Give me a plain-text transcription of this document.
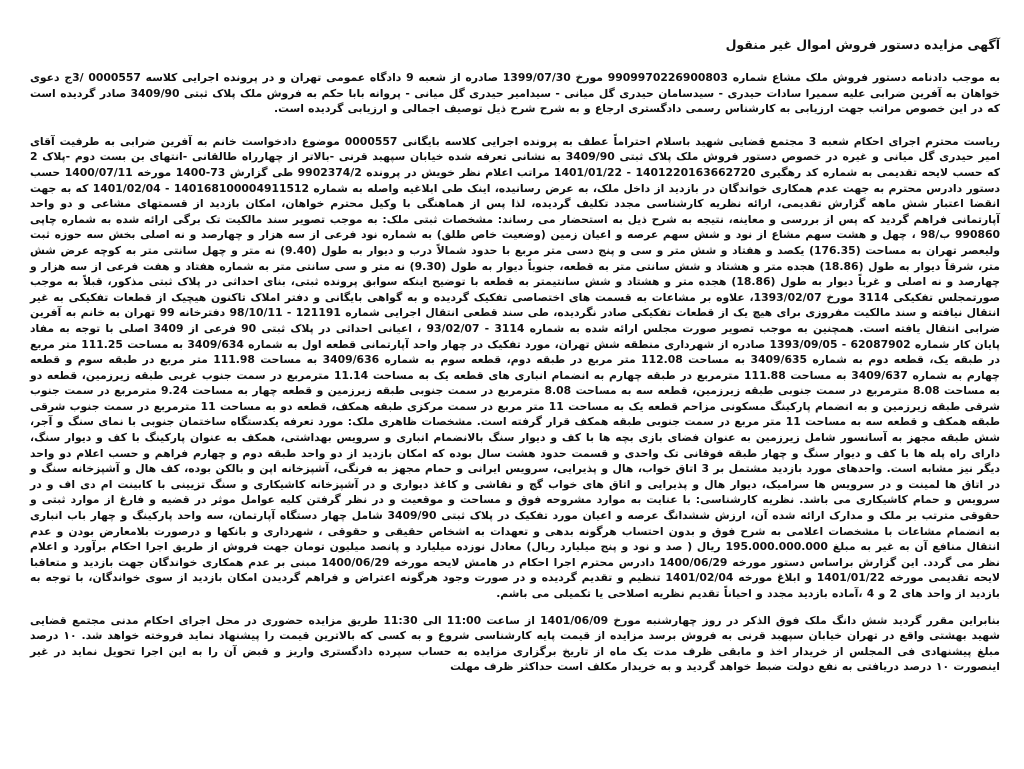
آگهی مزایده دستور فروش اموال غیر منقول

به موجب دادنامه دستور فروش ملک مشاع شماره 9909970226900803 مورخ 1399/07/30 صادره از شعبه 9 دادگاه عمومی تهران و در پرونده اجرایی کلاسه 0000557 /3ج دعوی خواهان به آفرین ضرابی علیه سمیرا سادات حیدری - سیدسامان حیدری گل میانی - سیدامیر حیدری گل میانی - پروانه بابا حکم به فروش ملک پلاک ثبتی 3409/90 صادر گردیده است که در این خصوص مراتب جهت ارزیابی به کارشناس رسمی دادگستری ارجاع و به شرح شرح ذیل توصیف اجمالی و ارزیابی گردیده است.

ریاست محترم اجرای احکام شعبه 3 مجتمع قضایی شهید باسلام احتراماً عطف به پرونده اجرایی کلاسه بایگانی 0000557 موضوع دادخواست خانم به آفرین ضرابی به طرفیت آقای امیر حیدری گل میانی و غیره در خصوص دستور فروش ملک پلاک ثبتی 3409/90 به نشانی تعرفه شده خیابان سپهبد قرنی -بالاتر از چهارراه طالقانی -انتهای بن بست دوم -پلاک 2 که حسب لایحه تقدیمی به شماره کد رهگیری 1401220163662720 - 1401/01/22 مراتب اعلام نظر خویش در پرونده 9902374/2 طی گزارش 73-1400 مورخه 1400/07/11 حسب دستور دادرس محترم به جهت عدم همکاری خواندگان در بازدید از داخل ملک، به عرض رسانیده، اینک طی ابلاغیه واصله به شماره 140168100004911512 - 1401/02/04 که به جهت انقضا اعتبار شش ماهه گزارش تقدیمی، ارائه نظریه کارشناسی مجدد تکلیف گردیده، لذا پس از هماهنگی با وکیل محترم خواهان، امکان بازدید از قسمتهای مشاعی و دو واحد آپارتمانی فراهم گردید که پس از بررسی و معاینه، نتیجه به شرح ذیل به استحضار می رساند: مشخصات ثبتی ملک: به موجب تصویر سند مالکیت تک برگی ارائه شده به شماره چاپی 990860 ب/98 ، چهل و هشت سهم مشاع از نود و شش سهم عرصه و اعیان زمین (وضعیت خاص طلق) به شماره نود فرعی از سه هزار و چهارصد و نه اصلی بخش سه حوزه ثبت ولیعصر تهران به مساحت (176.35) یکصد و هفتاد و شش متر و سی و پنج دسی متر مربع با حدود شمالاً درب و دیوار به طول (9.40) نه متر و چهل سانتی متر به کوچه عرض شش متر، شرقاً دیوار به طول (18.86) هجده متر و هشتاد و شش سانتی متر به قطعه، جنوباً دیوار به طول (9.30) نه متر و سی سانتی متر به شماره هفتاد و هفت فرعی از سه هزار و چهارصد و نه اصلی و غرباً دیوار به طول (18.86) هجده متر و هشتاد و شش سانتیمتر به قطعه با توضیح اینکه سوابق پرونده ثبتی، بنای احداثی در پلاک ثبتی مذکور، قبلاً به موجب صورتمجلس تفکیکی 3114 مورخ 1393/02/07، علاوه بر مشاعات به قسمت های اختصاصی تفکیک گردیده و به گواهی بایگانی و دفتر املاک تاکنون هیچیک از قطعات تفکیکی به غیر انتقال نیافته و سند مالکیت مفروزی برای هیچ یک از قطعات تفکیکی صادر نگردیده، طی سند قطعی انتقال اجرایی شماره 121191 - 98/10/11 دفترخانه 99 تهران به خانم به آفرین ضرابی انتقال یافته است. همچنین به موجب تصویر صورت مجلس ارائه شده به شماره 3114 - 93/02/07 ، اعیانی احداثی در پلاک ثبتی 90 فرعی از 3409 اصلی با توجه به مفاد پایان کار شماره 62087902 - 1393/09/05 صادره از شهرداری منطقه شش تهران، مورد تفکیک در چهار واحد آپارتمانی قطعه اول به شماره 3409/634 به مساحت 111.25 متر مربع در طبقه یک، قطعه دوم به شماره 3409/635 به مساحت 112.08 متر مربع در طبقه دوم، قطعه سوم به شماره 3409/636 به مساحت 111.98 متر مربع در طبقه سوم و قطعه چهارم به شماره 3409/637 به مساحت 111.88 مترمربع در طبقه چهارم به انضمام انباری های قطعه یک به مساحت 11.14 مترمربع در سمت جنوب غربی طبقه زیرزمین، قطعه دو به مساحت 8.08 مترمربع در سمت جنوبی طبقه زیرزمین، قطعه سه به مساحت 8.08 مترمربع در سمت جنوبی طبقه زیرزمین و قطعه چهار به مساحت 9.24 مترمربع در سمت جنوب شرقی طبقه زیرزمین و به انضمام پارکینگ مسکونی مزاحم قطعه یک به مساحت 11 متر مربع در سمت مرکزی طبقه همکف، قطعه دو به مساحت 11 مترمربع در سمت جنوب شرقی طبقه همکف و قطعه سه به مساحت 11 متر مربع در سمت جنوبی طبقه همکف قرار گرفته است. مشخصات ظاهری ملک: مورد تعرفه یکدستگاه ساختمان جنوبی با نمای سنگ و آجر، شش طبقه مجهز به آسانسور شامل زیرزمین به عنوان فضای بازی بچه ها با کف و دیوار سنگ بالانضمام انباری و سرویس بهداشتی، همکف به عنوان پارکینگ با کف و دیوار سنگ، دارای راه پله ها با کف و دیوار سنگ و چهار طبقه فوقانی تک واحدی و قسمت حدود هشت سال بوده که امکان بازدید از دو واحد طبقه دوم و چهارم فراهم و حسب اعلام دو واحد دیگر نیز مشابه است. واحدهای مورد بازدید مشتمل بر 3 اتاق خواب، هال و پذیرایی، سرویس ایرانی و حمام مجهز به فرنگی، آشپزخانه اپن و بالکن بوده، کف هال و آشپزخانه سنگ و در اتاق ها لمینت و در سرویس ها سرامیک، دیوار هال و پذیرایی و اتاق های خواب گچ و نقاشی و کاغذ دیواری و در آشپزخانه کاشیکاری و سنگ تزیینی با کابینت ام دی اف و در سرویس و حمام کاشیکاری می باشد. نظریه کارشناسی: با عنایت به موارد مشروحه فوق و مساحت و موقعیت و در نظر گرفتن کلیه عوامل موثر در قضیه و فارغ از موارد ثبتی و حقوقی مترتب بر ملک و مدارک ارائه شده آن، ارزش ششدانگ عرصه و اعیان مورد تفکیک در پلاک ثبتی 3409/90 شامل چهار دستگاه آپارتمان، سه واحد پارکینگ و چهار باب انباری به انضمام مشاعات با مشخصات اعلامی به شرح فوق و بدون احتساب هرگونه بدهی و تعهدات به اشخاص حقیقی و حقوقی ، شهرداری و بانکها و درصورت بلامعارض بودن و عدم انتقال منافع آن به غیر به مبلغ 195.000.000.000 ریال ( صد و نود و پنج میلیارد ریال) معادل نوزده میلیارد و پانصد میلیون تومان جهت فروش از طریق اجرا احکام برآورد و اعلام نظر می گردد. این گزارش براساس دستور مورخه 1400/06/29 دادرس محترم اجرا احکام در هامش لایحه مورخه 1400/06/29 مبنی بر عدم همکاری خواندگان جهت بازدید و متعاقبا لایحه تقدیمی مورخه 1401/01/22 و ابلاغ مورخه 1401/02/04 تنظیم و تقدیم گردیده و در صورت وجود هرگونه اعتراض و فراهم گردیدن امکان بازدید از سوی خواندگان، با توجه به بازدید از واحد های 2 و 4 ،آماده بازدید مجدد و احیاناً تقدیم نظریه اصلاحی یا تکمیلی می باشم.

بنابراین مقرر گردید شش دانگ ملک فوق الذکر در روز چهارشنبه مورخ 1401/06/09 از ساعت 11:00 الی 11:30 طریق مزایده حضوری در محل اجرای احکام مدنی مجتمع قضایی شهید بهشتی واقع در تهران خیابان سپهبد قرنی به فروش برسد مزایده از قیمت پایه کارشناسی شروع و به کسی که بالاترین قیمت را پیشنهاد نماید فروخته خواهد شد. ۱۰ درصد مبلغ پیشنهادی فی المجلس از خریدار اخذ و مابقی ظرف مدت یک ماه از تاریخ برگزاری مزایده به حساب سپرده دادگستری واریز و قبض آن را به این اجرا تحویل نماید در غیر اینصورت ۱۰ درصد دریافتی به نفع دولت ضبط خواهد گردید و به خریدار مکلف است حداکثر ظرف مهلت
